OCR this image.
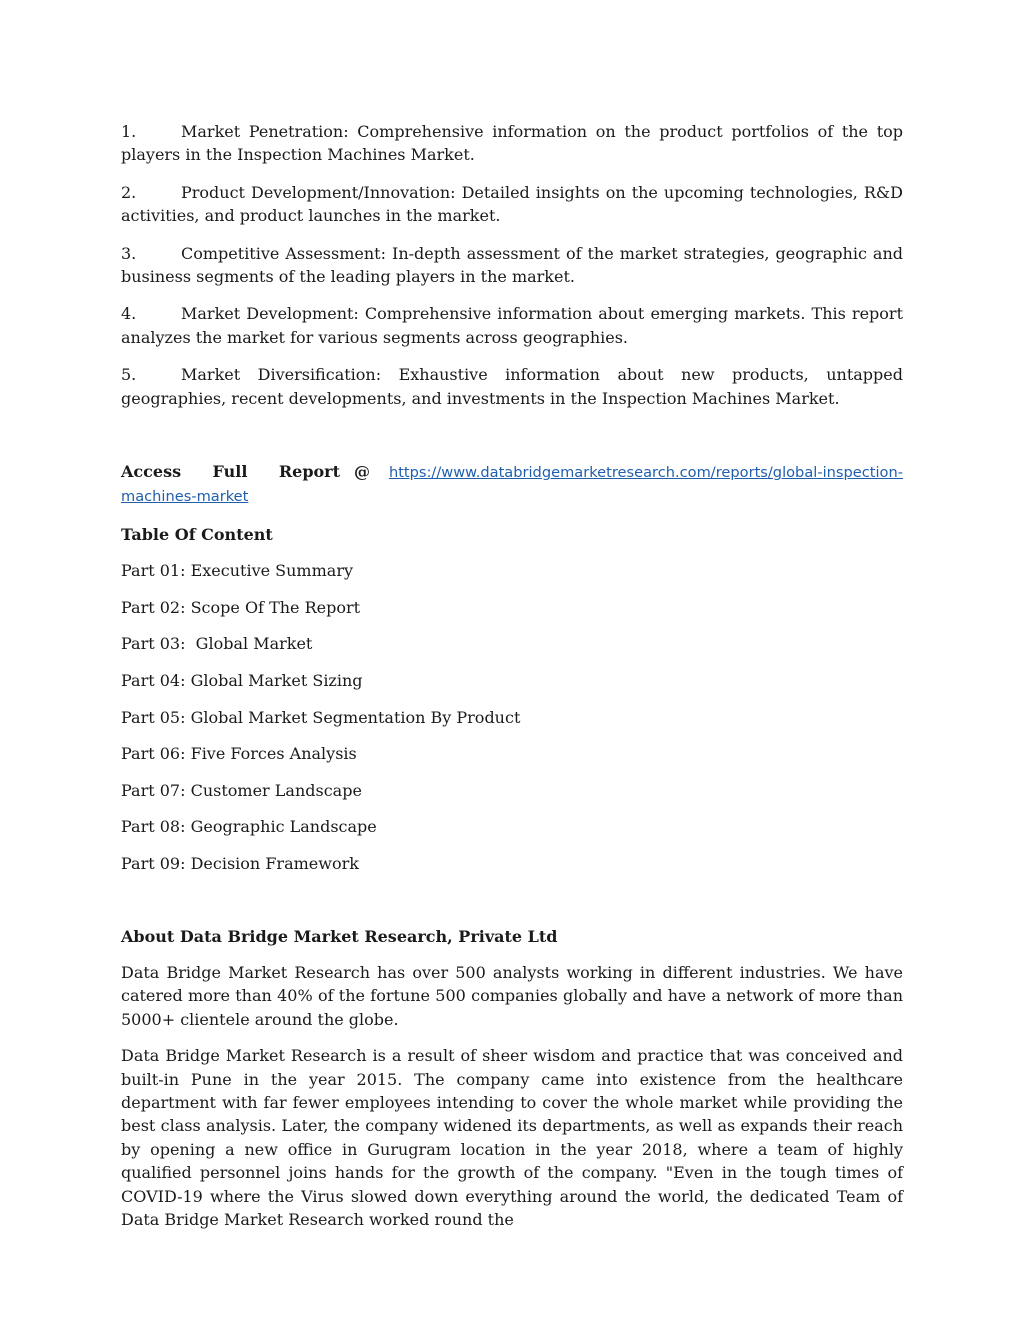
1.	Market Penetration: Comprehensive information on the product portfolios of the top players in the Inspection Machines Market.

2.	Product Development/Innovation: Detailed insights on the upcoming technologies, R&D activities, and product launches in the market.

3.	Competitive Assessment: In-depth assessment of the market strategies, geographic and business segments of the leading players in the market.

4.	Market Development: Comprehensive information about emerging markets. This report analyzes the market for various segments across geographies.

5.	Market Diversification: Exhaustive information about new products, untapped geographies, recent developments, and investments in the Inspection Machines Market.

Access Full Report @ https://www.databridgemarketresearch.com/reports/global-inspection-machines-market

Table Of Content

Part 01: Executive Summary

Part 02: Scope Of The Report

Part 03:  Global Market

Part 04: Global Market Sizing

Part 05: Global Market Segmentation By Product

Part 06: Five Forces Analysis

Part 07: Customer Landscape

Part 08: Geographic Landscape

Part 09: Decision Framework

About Data Bridge Market Research, Private Ltd

Data Bridge Market Research has over 500 analysts working in different industries. We have catered more than 40% of the fortune 500 companies globally and have a network of more than 5000+ clientele around the globe.

Data Bridge Market Research is a result of sheer wisdom and practice that was conceived and built-in Pune in the year 2015. The company came into existence from the healthcare department with far fewer employees intending to cover the whole market while providing the best class analysis. Later, the company widened its departments, as well as expands their reach by opening a new office in Gurugram location in the year 2018, where a team of highly qualified personnel joins hands for the growth of the company. "Even in the tough times of COVID-19 where the Virus slowed down everything around the world, the dedicated Team of Data Bridge Market Research worked round the
